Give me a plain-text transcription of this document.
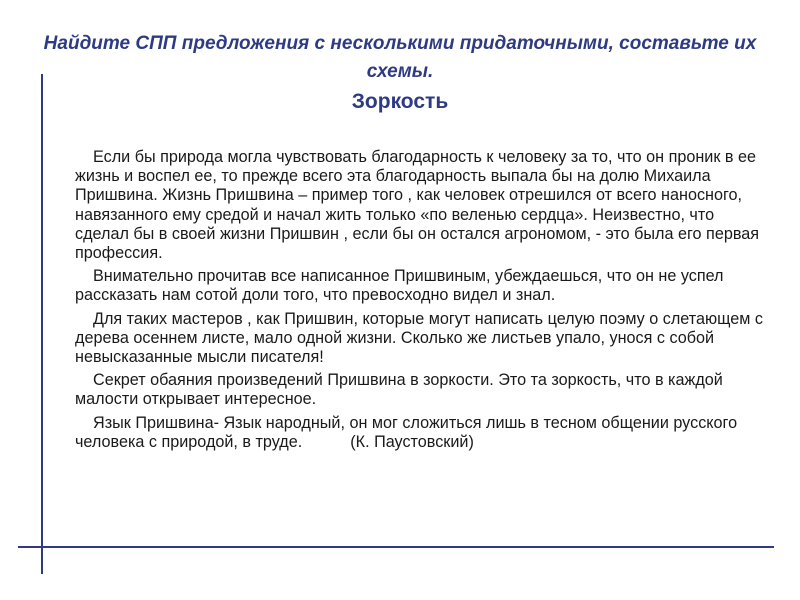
Найдите СПП предложения с несколькими придаточными, составьте их схемы.
Зоркость
Если бы природа могла чувствовать благодарность к человеку за то, что он проник в ее жизнь и воспел ее, то прежде всего эта благодарность выпала бы на долю Михаила Пришвина. Жизнь Пришвина – пример того , как человек отрешился от всего наносного, навязанного ему средой и начал жить только «по веленью сердца». Неизвестно, что сделал бы в своей жизни Пришвин , если бы он остался агрономом, - это была его первая профессия.
Внимательно прочитав все написанное Пришвиным, убеждаешься, что он не успел рассказать нам сотой доли того, что превосходно видел и знал.
Для таких мастеров , как Пришвин, которые могут написать целую поэму о слетающем с дерева осеннем листе, мало одной жизни. Сколько же листьев упало, унося с собой невысказанные мысли писателя!
Секрет обаяния произведений Пришвина в зоркости. Это та зоркость, что в каждой малости открывает интересное.
Язык Пришвина- Язык народный, он мог сложиться лишь в тесном общении русского человека с природой, в труде.	(К. Паустовский)
